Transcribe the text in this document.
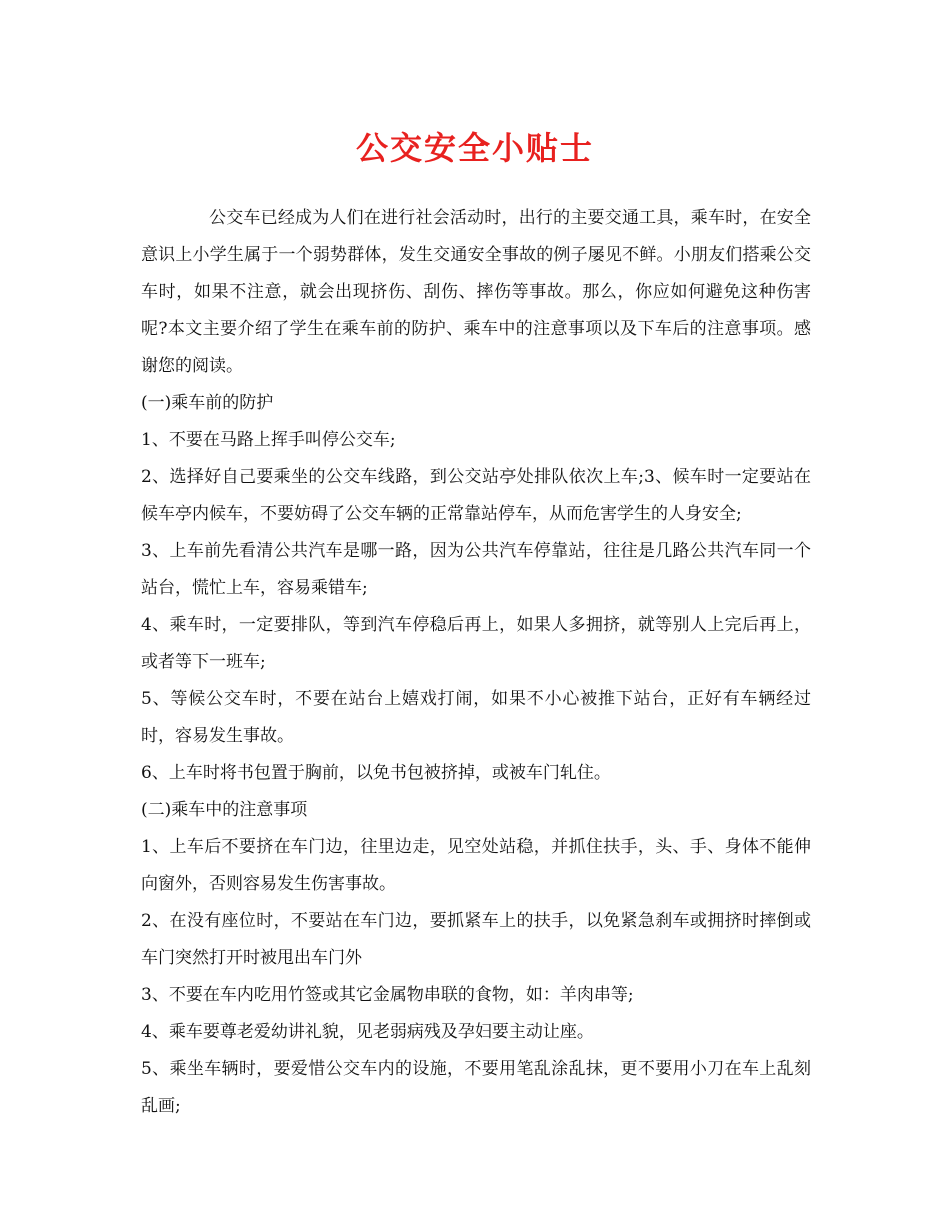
公交安全小贴士

公交车已经成为人们在进行社会活动时，出行的主要交通工具，乘车时，在安全意识上小学生属于一个弱势群体，发生交通安全事故的例子屡见不鲜。小朋友们搭乘公交车时，如果不注意，就会出现挤伤、刮伤、摔伤等事故。那么，你应如何避免这种伤害呢?本文主要介绍了学生在乘车前的防护、乘车中的注意事项以及下车后的注意事项。感谢您的阅读。

(一)乘车前的防护

1、不要在马路上挥手叫停公交车;

2、选择好自己要乘坐的公交车线路，到公交站亭处排队依次上车;3、候车时一定要站在候车亭内候车，不要妨碍了公交车辆的正常靠站停车，从而危害学生的人身安全;

3、上车前先看清公共汽车是哪一路，因为公共汽车停靠站，往往是几路公共汽车同一个站台，慌忙上车，容易乘错车;

4、乘车时，一定要排队，等到汽车停稳后再上，如果人多拥挤，就等别人上完后再上，或者等下一班车;

5、等候公交车时，不要在站台上嬉戏打闹，如果不小心被推下站台，正好有车辆经过时，容易发生事故。

6、上车时将书包置于胸前，以免书包被挤掉，或被车门轧住。

(二)乘车中的注意事项

1、上车后不要挤在车门边，往里边走，见空处站稳，并抓住扶手，头、手、身体不能伸向窗外，否则容易发生伤害事故。

2、在没有座位时，不要站在车门边，要抓紧车上的扶手，以免紧急刹车或拥挤时摔倒或车门突然打开时被甩出车门外

3、不要在车内吃用竹签或其它金属物串联的食物，如：羊肉串等;

4、乘车要尊老爱幼讲礼貌，见老弱病残及孕妇要主动让座。

5、乘坐车辆时，要爱惜公交车内的设施，不要用笔乱涂乱抹，更不要用小刀在车上乱刻乱画;
